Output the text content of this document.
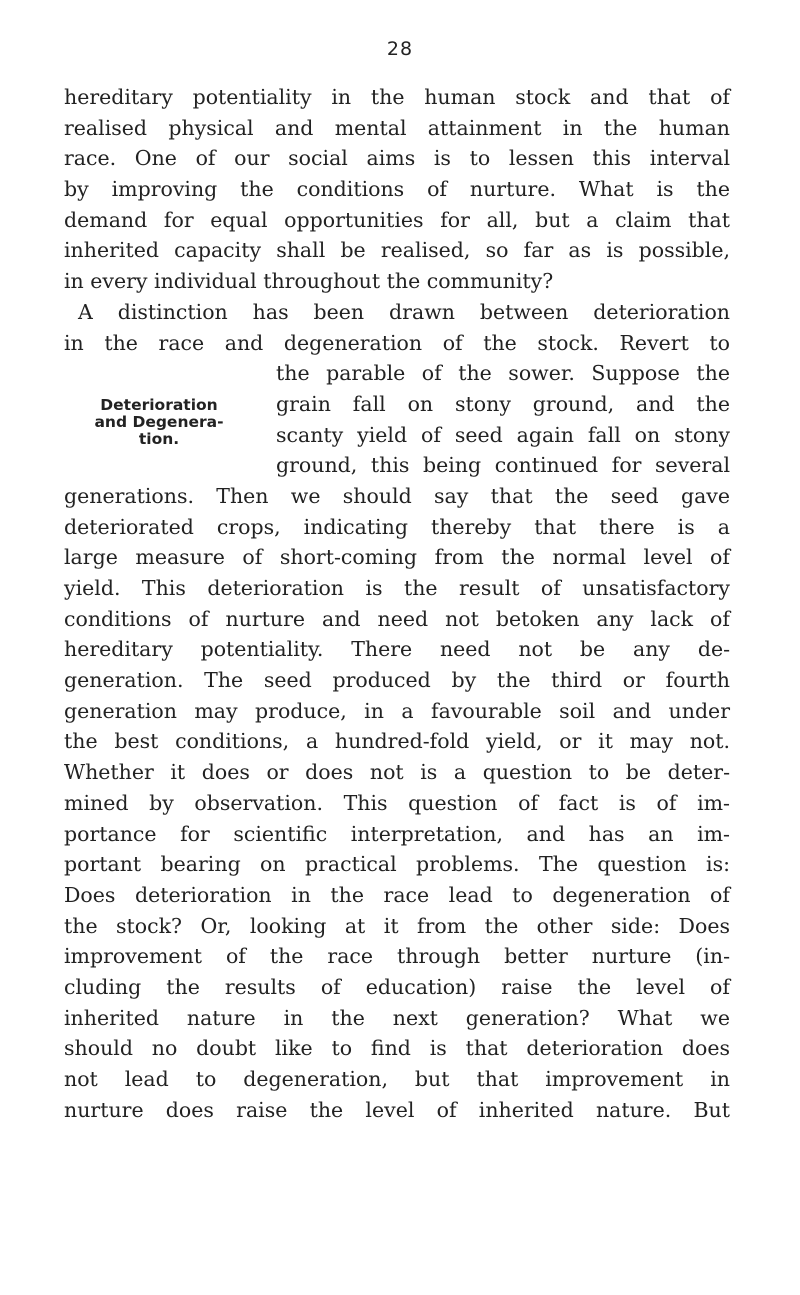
28
Deterioration
and Degenera-
tion.
hereditary potentiality in the human stock and that of
realised physical and mental attainment in the human
race. One of our social aims is to lessen this interval
by improving the conditions of nurture. What is the
demand for equal opportunities for all, but a claim that
inherited capacity shall be realised, so far as is possible,
in every individual throughout the community?
A distinction has been drawn between deterioration
in the race and degeneration of the stock. Revert to
the parable of the sower. Suppose the
grain fall on stony ground, and the
scanty yield of seed again fall on stony
ground, this being continued for several
generations. Then we should say that the seed gave
deteriorated crops, indicating thereby that there is a
large measure of short-coming from the normal level of
yield. This deterioration is the result of unsatisfactory
conditions of nurture and need not betoken any lack of
hereditary potentiality. There need not be any de-
generation. The seed produced by the third or fourth
generation may produce, in a favourable soil and under
the best conditions, a hundred-fold yield, or it may not.
Whether it does or does not is a question to be deter-
mined by observation. This question of fact is of im-
portance for scientific interpretation, and has an im-
portant bearing on practical problems. The question is:
Does deterioration in the race lead to degeneration of
the stock? Or, looking at it from the other side: Does
improvement of the race through better nurture (in-
cluding the results of education) raise the level of
inherited nature in the next generation? What we
should no doubt like to find is that deterioration does
not lead to degeneration, but that improvement in
nurture does raise the level of inherited nature. But
